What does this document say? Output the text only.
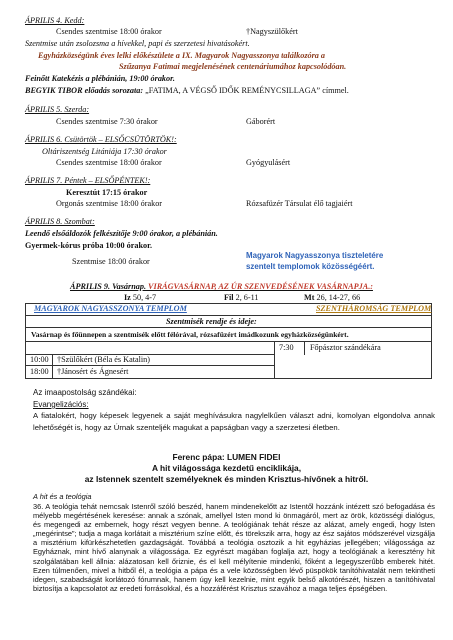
ÁPRILIS 4. Kedd:
Csendes szentmise 18:00 órakor	†Nagyszülőkért
Szentmise után zsolozsma a hívekkel, papi és szerzetesi hivatásokért.
Egyházközségünk éves lelki előkészülete a IX. Magyarok Nagyasszonya találkozóra a
Szűzanya Fatimai megjelenésének centenáriumához kapcsolódóan.
Feinőtt Katekézis a plébánián, 19:00 órakor.
BEGYIK TIBOR előadás sorozata: „FATIMA, A VÉGSŐ IDŐK REMÉNYCSILLAGA” címmel.
ÁPRILIS 5. Szerda:
Csendes szentmise 7:30 órakor	Gáborért
ÁPRILIS 6. Csütörtök – ELSŐCSÜTÖRTÖK!:
Oltáriszentség Litániája 17:30 órakor
Csendes szentmise 18:00 órakor	Gyógyulásért
ÁPRILIS 7. Péntek – ELSŐPÉNTEK!:
Keresztút 17:15 órakor
Orgonás szentmise 18:00 órakor	Rózsafüzér Társulat élő tagjaiért
ÁPRILIS 8. Szombat:
Leendő elsőáldozók felkészítője 9:00 órakor, a plébánián.
Gyermek-kórus próba 10:00 órakor.
Szentmise 18:00 órakor
Magyarok Nagyasszonya tiszteletére
szentelt templomok közösségéért.
ÁPRILIS 9. Vasárnap. VIRÁGVASÁRNAP, AZ ÚR SZENVEDÉSÉNEK VASÁRNAPJA.:
Iz 50, 4-7	Fil 2, 6-11	Mt 26, 14-27, 66
MAGYAROK NAGYASSZONYA TEMPLOM	SZENTHÁROMSÁG TEMPLOM
Szentmisék rendje és ideje:
Vasárnap és főünnepen a szentmisék előtt félórával, rózsafüzért imádkozunk egyházközségünkért.
7:30 Főpásztor szándékára
10:00 †Szülőkért (Béla és Katalin)
18:00 †Jánosért és Ágnesért
Az imaapostolság szándékai:
Evangelizációs:
A fiatalokért, hogy képesek legyenek a saját meghívásukra nagylelkűen választ adni, komolyan elgondolva annak lehetőségét is, hogy az Úrnak szenteljék magukat a papságban vagy a szerzetesi életben.
Ferenc pápa: LUMEN FIDEI
A hit világossága kezdetű enciklikája,
az Istennek szentelt személyeknek és minden Krisztus-hívőnek a hitről.
A hit és a teológia
36. A teológia tehát nemcsak Istenről szóló beszéd, hanem mindenekelőtt az Istentől hozzánk intézett szó befogadása és mélyebb megértésének keresése: annak a szónak, amellyel Isten mond ki önmagáról, mert az örök, közösségi dialógus, és megengedi az embernek, hogy részt vegyen benne. A teológiának tehát része az alázat, amely engedi, hogy Isten „megérintse”; tudja a maga korlátait a misztérium színe előtt, és törekszik arra, hogy az ész sajátos módszerével vizsgálja a misztérium kifürkészhetetlen gazdagságát. Továbbá a teológia osztozik a hit egyházias jellegében; világossága az Egyháznak, mint hívő alanynak a világossága. Ez egyrészt magában foglalja azt, hogy a teológiának a keresztény hit szolgálatában kell állnia: alázatosan kell őriznie, és el kell mélyítenie mindenki, főként a legegyszerűbb emberek hitét. Ezen túlmenően, mivel a hitből él, a teológia a pápa és a vele közösségben lévő püspökök tanítóhivatalát nem tekintheti idegen, szabadságát korlátozó fórumnak, hanem úgy kell kezelnie, mint egyik belső alkotórészét, hiszen a tanítóhivatal biztosítja a kapcsolatot az eredeti forrásokkal, és a hozzáférést Krisztus szavához a maga teljes épségében.
